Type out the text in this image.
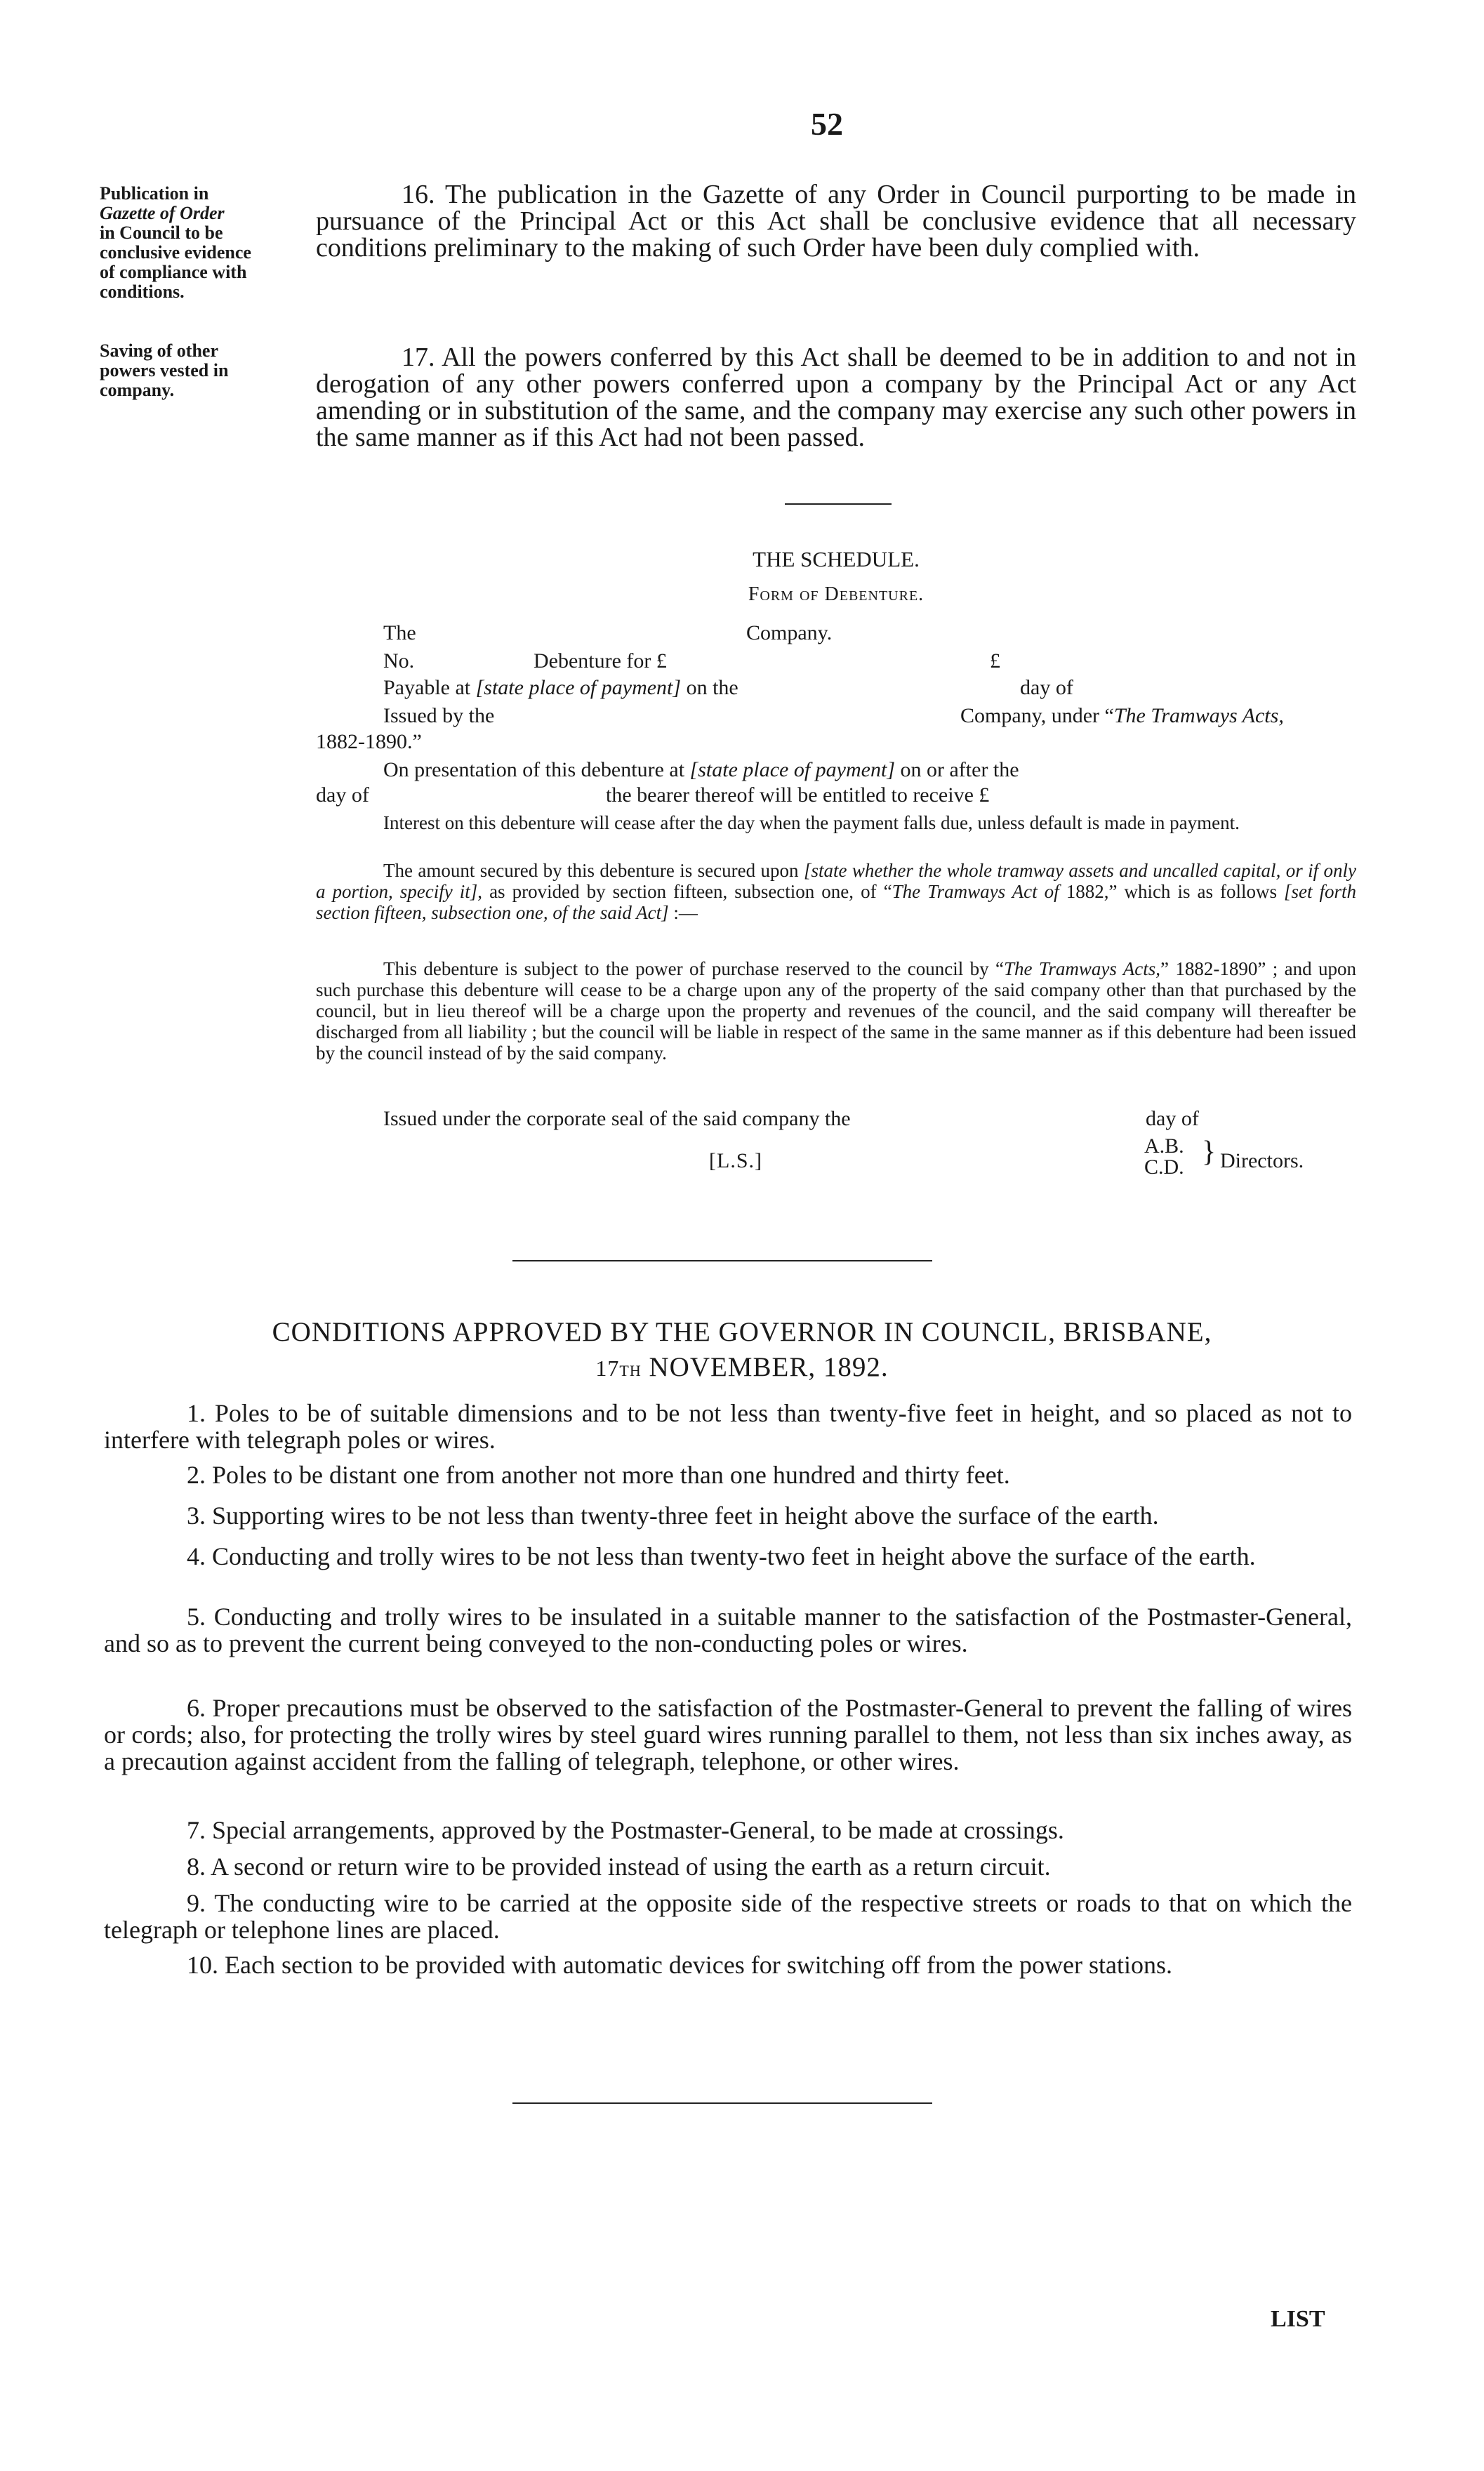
52
Publication in
Gazette of Order
in Council to be
conclusive evidence
of compliance with
conditions.
16. The publication in the Gazette of any Order in Council purporting to be made in pursuance of the Principal Act or this Act shall be conclusive evidence that all necessary conditions preliminary to the making of such Order have been duly complied with.
Saving of other
powers vested in
company.
17. All the powers conferred by this Act shall be deemed to be in addition to and not in derogation of any other powers conferred upon a company by the Principal Act or any Act amending or in substitution of the same, and the company may exercise any such other powers in the same manner as if this Act had not been passed.
THE SCHEDULE.
Form of Debenture.
The	Company.
No.	Debenture for £	£
Payable at [state place of payment] on the	day of
Issued by the	Company, under “The Tramways Acts,
1882-1890.”
On presentation of this debenture at [state place of payment] on or after the
day of	the bearer thereof will be entitled to receive £
Interest on this debenture will cease after the day when the payment falls due, unless default is made in payment.
The amount secured by this debenture is secured upon [state whether the whole tramway assets and uncalled capital, or if only a portion, specify it], as provided by section fifteen, subsection one, of “The Tramways Act of 1882,” which is as follows [set forth section fifteen, subsection one, of the said Act] :—
This debenture is subject to the power of purchase reserved to the council by “The Tramways Acts,” 1882-1890” ; and upon such purchase this debenture will cease to be a charge upon any of the property of the said company other than that purchased by the council, but in lieu thereof will be a charge upon the property and revenues of the council, and the said company will thereafter be discharged from all liability ; but the council will be liable in respect of the same in the same manner as if this debenture had been issued by the council instead of by the said company.
Issued under the corporate seal of the said company the	day of
[L.S.]
A.B.
C.D. } Directors.
CONDITIONS APPROVED BY THE GOVERNOR IN COUNCIL, BRISBANE,
17th NOVEMBER, 1892.
1. Poles to be of suitable dimensions and to be not less than twenty-five feet in height, and so placed as not to interfere with telegraph poles or wires.
2. Poles to be distant one from another not more than one hundred and thirty feet.
3. Supporting wires to be not less than twenty-three feet in height above the surface of the earth.
4. Conducting and trolly wires to be not less than twenty-two feet in height above the surface of the earth.
5. Conducting and trolly wires to be insulated in a suitable manner to the satisfaction of the Postmaster-General, and so as to prevent the current being conveyed to the non-conducting poles or wires.
6. Proper precautions must be observed to the satisfaction of the Postmaster-General to prevent the falling of wires or cords; also, for protecting the trolly wires by steel guard wires running parallel to them, not less than six inches away, as a precaution against accident from the falling of telegraph, telephone, or other wires.
7. Special arrangements, approved by the Postmaster-General, to be made at crossings.
8. A second or return wire to be provided instead of using the earth as a return circuit.
9. The conducting wire to be carried at the opposite side of the respective streets or roads to that on which the telegraph or telephone lines are placed.
10. Each section to be provided with automatic devices for switching off from the power stations.
LIST
